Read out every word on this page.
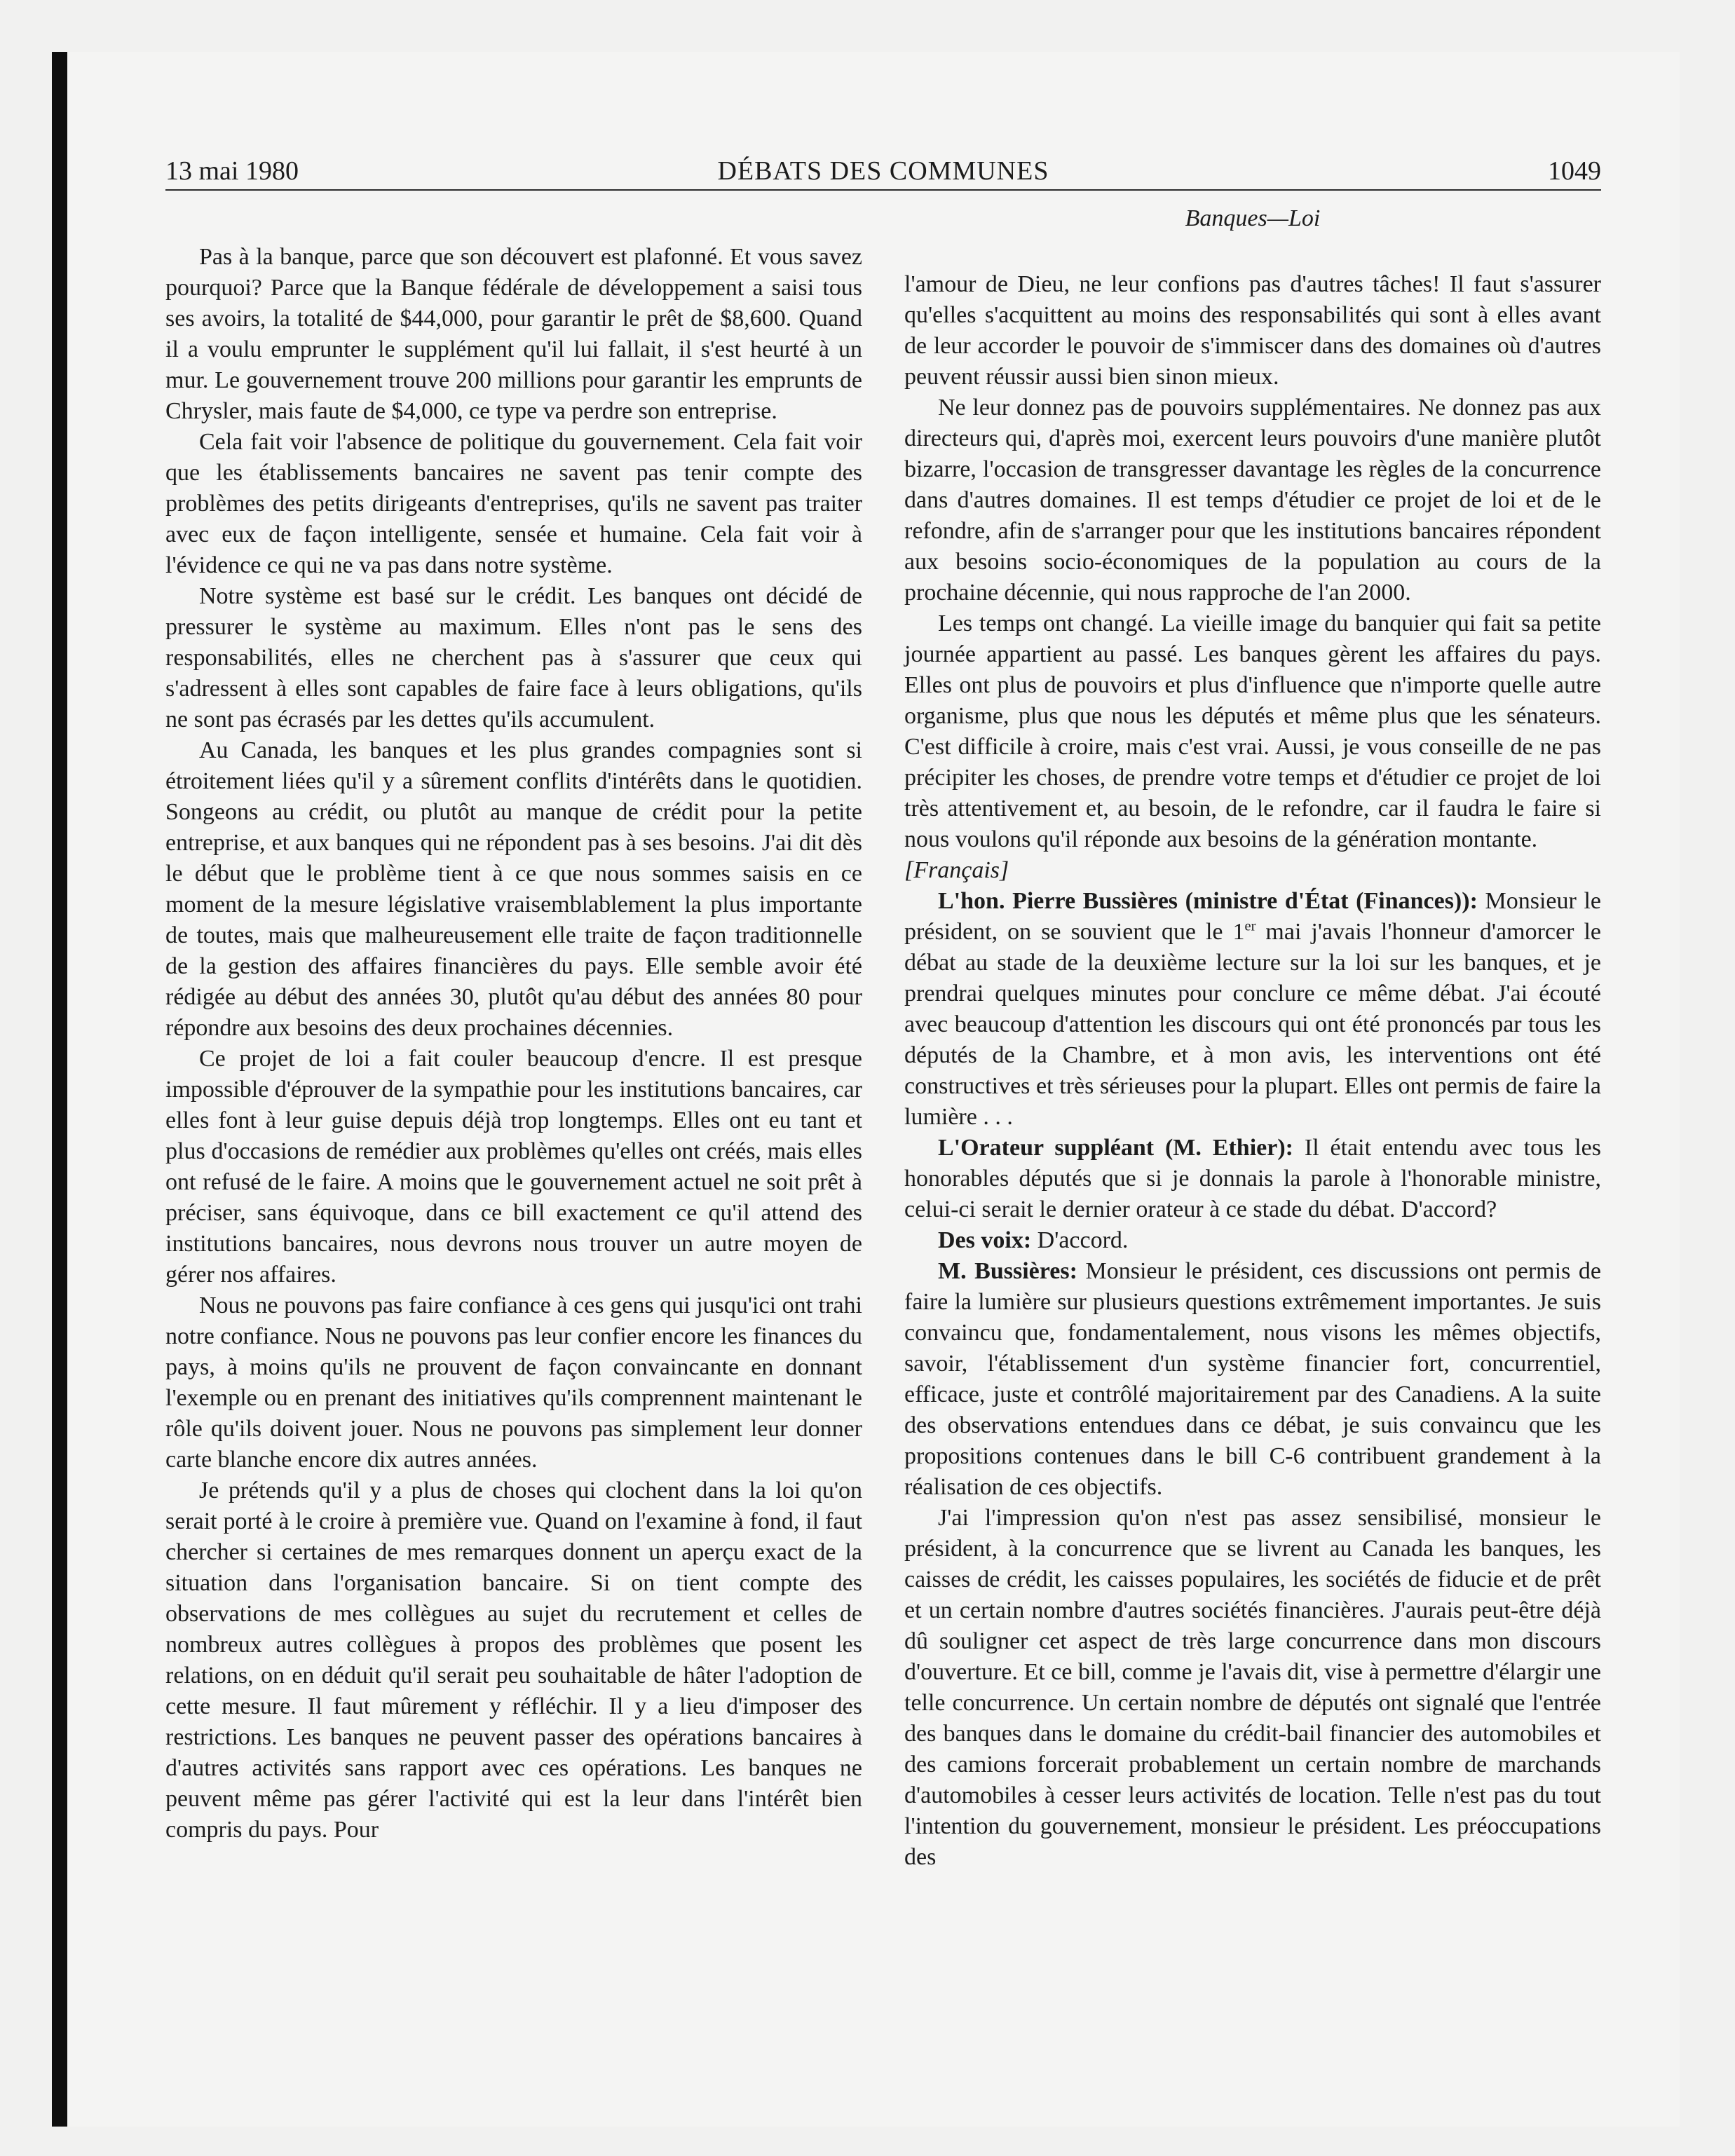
13 mai 1980	DÉBATS DES COMMUNES	1049
Banques—Loi

Pas à la banque, parce que son découvert est plafonné. Et vous savez pourquoi? Parce que la Banque fédérale de développement a saisi tous ses avoirs, la totalité de $44,000, pour garantir le prêt de $8,600. Quand il a voulu emprunter le supplément qu'il lui fallait, il s'est heurté à un mur. Le gouvernement trouve 200 millions pour garantir les emprunts de Chrysler, mais faute de $4,000, ce type va perdre son entreprise.

Cela fait voir l'absence de politique du gouvernement. Cela fait voir que les établissements bancaires ne savent pas tenir compte des problèmes des petits dirigeants d'entreprises, qu'ils ne savent pas traiter avec eux de façon intelligente, sensée et humaine. Cela fait voir à l'évidence ce qui ne va pas dans notre système.

Notre système est basé sur le crédit. Les banques ont décidé de pressurer le système au maximum. Elles n'ont pas le sens des responsabilités, elles ne cherchent pas à s'assurer que ceux qui s'adressent à elles sont capables de faire face à leurs obligations, qu'ils ne sont pas écrasés par les dettes qu'ils accumulent.

Au Canada, les banques et les plus grandes compagnies sont si étroitement liées qu'il y a sûrement conflits d'intérêts dans le quotidien. Songeons au crédit, ou plutôt au manque de crédit pour la petite entreprise, et aux banques qui ne répondent pas à ses besoins. J'ai dit dès le début que le problème tient à ce que nous sommes saisis en ce moment de la mesure législative vraisemblablement la plus importante de toutes, mais que malheureusement elle traite de façon traditionnelle de la gestion des affaires financières du pays. Elle semble avoir été rédigée au début des années 30, plutôt qu'au début des années 80 pour répondre aux besoins des deux prochaines décennies.

Ce projet de loi a fait couler beaucoup d'encre. Il est presque impossible d'éprouver de la sympathie pour les institutions bancaires, car elles font à leur guise depuis déjà trop longtemps. Elles ont eu tant et plus d'occasions de remédier aux problèmes qu'elles ont créés, mais elles ont refusé de le faire. A moins que le gouvernement actuel ne soit prêt à préciser, sans équivoque, dans ce bill exactement ce qu'il attend des institutions bancaires, nous devrons nous trouver un autre moyen de gérer nos affaires.

Nous ne pouvons pas faire confiance à ces gens qui jusqu'ici ont trahi notre confiance. Nous ne pouvons pas leur confier encore les finances du pays, à moins qu'ils ne prouvent de façon convaincante en donnant l'exemple ou en prenant des initiatives qu'ils comprennent maintenant le rôle qu'ils doivent jouer. Nous ne pouvons pas simplement leur donner carte blanche encore dix autres années.

Je prétends qu'il y a plus de choses qui clochent dans la loi qu'on serait porté à le croire à première vue. Quand on l'examine à fond, il faut chercher si certaines de mes remarques donnent un aperçu exact de la situation dans l'organisation bancaire. Si on tient compte des observations de mes collègues au sujet du recrutement et celles de nombreux autres collègues à propos des problèmes que posent les relations, on en déduit qu'il serait peu souhaitable de hâter l'adoption de cette mesure. Il faut mûrement y réfléchir. Il y a lieu d'imposer des restrictions. Les banques ne peuvent passer des opérations bancaires à d'autres activités sans rapport avec ces opérations. Les banques ne peuvent même pas gérer l'activité qui est la leur dans l'intérêt bien compris du pays. Pour

l'amour de Dieu, ne leur confions pas d'autres tâches! Il faut s'assurer qu'elles s'acquittent au moins des responsabilités qui sont à elles avant de leur accorder le pouvoir de s'immiscer dans des domaines où d'autres peuvent réussir aussi bien sinon mieux.

Ne leur donnez pas de pouvoirs supplémentaires. Ne donnez pas aux directeurs qui, d'après moi, exercent leurs pouvoirs d'une manière plutôt bizarre, l'occasion de transgresser davantage les règles de la concurrence dans d'autres domaines. Il est temps d'étudier ce projet de loi et de le refondre, afin de s'arranger pour que les institutions bancaires répondent aux besoins socio-économiques de la population au cours de la prochaine décennie, qui nous rapproche de l'an 2000.

Les temps ont changé. La vieille image du banquier qui fait sa petite journée appartient au passé. Les banques gèrent les affaires du pays. Elles ont plus de pouvoirs et plus d'influence que n'importe quelle autre organisme, plus que nous les députés et même plus que les sénateurs. C'est difficile à croire, mais c'est vrai. Aussi, je vous conseille de ne pas précipiter les choses, de prendre votre temps et d'étudier ce projet de loi très attentivement et, au besoin, de le refondre, car il faudra le faire si nous voulons qu'il réponde aux besoins de la génération montante.

[Français]

L'hon. Pierre Bussières (ministre d'État (Finances)): Monsieur le président, on se souvient que le 1er mai j'avais l'honneur d'amorcer le débat au stade de la deuxième lecture sur la loi sur les banques, et je prendrai quelques minutes pour conclure ce même débat. J'ai écouté avec beaucoup d'attention les discours qui ont été prononcés par tous les députés de la Chambre, et à mon avis, les interventions ont été constructives et très sérieuses pour la plupart. Elles ont permis de faire la lumière . . .

L'Orateur suppléant (M. Ethier): Il était entendu avec tous les honorables députés que si je donnais la parole à l'honorable ministre, celui-ci serait le dernier orateur à ce stade du débat. D'accord?

Des voix: D'accord.

M. Bussières: Monsieur le président, ces discussions ont permis de faire la lumière sur plusieurs questions extrêmement importantes. Je suis convaincu que, fondamentalement, nous visons les mêmes objectifs, savoir, l'établissement d'un système financier fort, concurrentiel, efficace, juste et contrôlé majoritairement par des Canadiens. A la suite des observations entendues dans ce débat, je suis convaincu que les propositions contenues dans le bill C-6 contribuent grandement à la réalisation de ces objectifs.

J'ai l'impression qu'on n'est pas assez sensibilisé, monsieur le président, à la concurrence que se livrent au Canada les banques, les caisses de crédit, les caisses populaires, les sociétés de fiducie et de prêt et un certain nombre d'autres sociétés financières. J'aurais peut-être déjà dû souligner cet aspect de très large concurrence dans mon discours d'ouverture. Et ce bill, comme je l'avais dit, vise à permettre d'élargir une telle concurrence. Un certain nombre de députés ont signalé que l'entrée des banques dans le domaine du crédit-bail financier des automobiles et des camions forcerait probablement un certain nombre de marchands d'automobiles à cesser leurs activités de location. Telle n'est pas du tout l'intention du gouvernement, monsieur le président. Les préoccupations des
